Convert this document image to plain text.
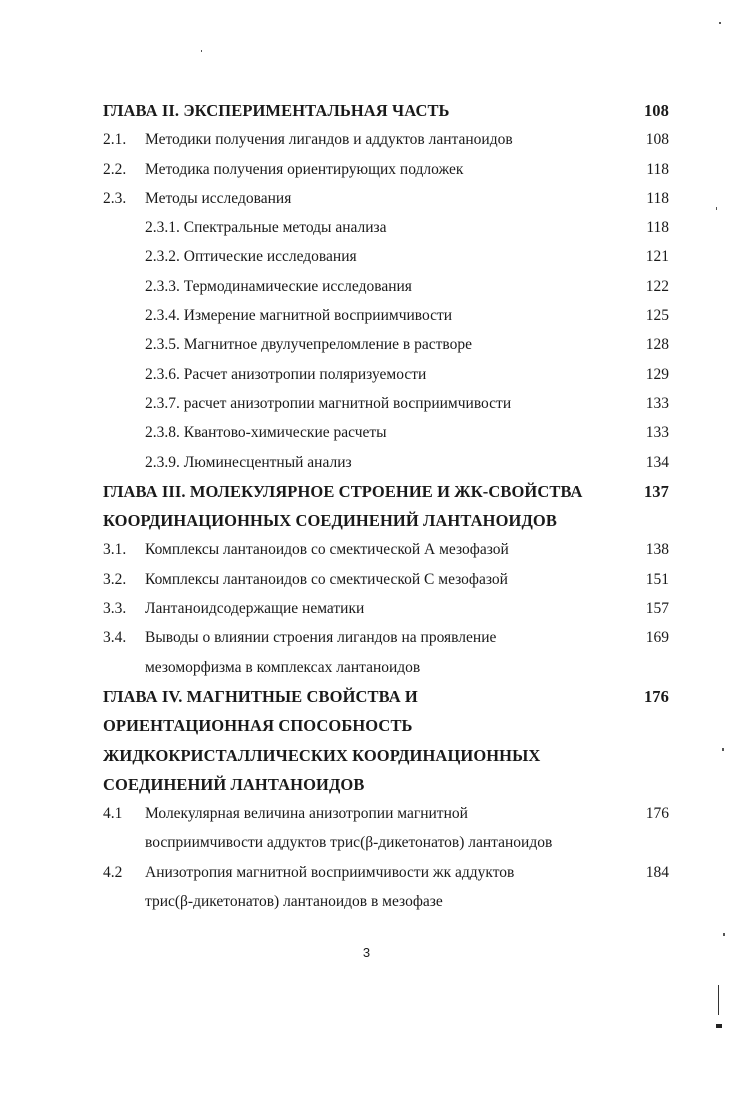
ГЛАВА II. ЭКСПЕРИМЕНТАЛЬНАЯ ЧАСТЬ	108
2.1. Методики получения лигандов и аддуктов лантаноидов	108
2.2. Методика получения ориентирующих подложек	118
2.3. Методы исследования	118
2.3.1. Спектральные методы анализа	118
2.3.2. Оптические исследования	121
2.3.3. Термодинамические исследования	122
2.3.4. Измерение магнитной восприимчивости	125
2.3.5. Магнитное двулучепреломление в растворе	128
2.3.6. Расчет анизотропии поляризуемости	129
2.3.7. расчет анизотропии магнитной восприимчивости	133
2.3.8. Квантово-химические расчеты	133
2.3.9. Люминесцентный анализ	134
ГЛАВА III. МОЛЕКУЛЯРНОЕ СТРОЕНИЕ И ЖК-СВОЙСТВА	137
КООРДИНАЦИОННЫХ СОЕДИНЕНИЙ ЛАНТАНОИДОВ
3.1. Комплексы лантаноидов со смектической А мезофазой	138
3.2. Комплексы лантаноидов со смектической С мезофазой	151
3.3. Лантаноидсодержащие нематики	157
3.4. Выводы о влиянии строения лигандов на проявление	169
мезоморфизма в комплексах лантаноидов
ГЛАВА IV. МАГНИТНЫЕ СВОЙСТВА И	176
ОРИЕНТАЦИОННАЯ СПОСОБНОСТЬ
ЖИДКОКРИСТАЛЛИЧЕСКИХ КООРДИНАЦИОННЫХ
СОЕДИНЕНИЙ ЛАНТАНОИДОВ
4.1 Молекулярная величина анизотропии магнитной	176
восприимчивости аддуктов трис(β-дикетонатов) лантаноидов
4.2 Анизотропия магнитной восприимчивости жк аддуктов	184
трис(β-дикетонатов) лантаноидов в мезофазе
3
